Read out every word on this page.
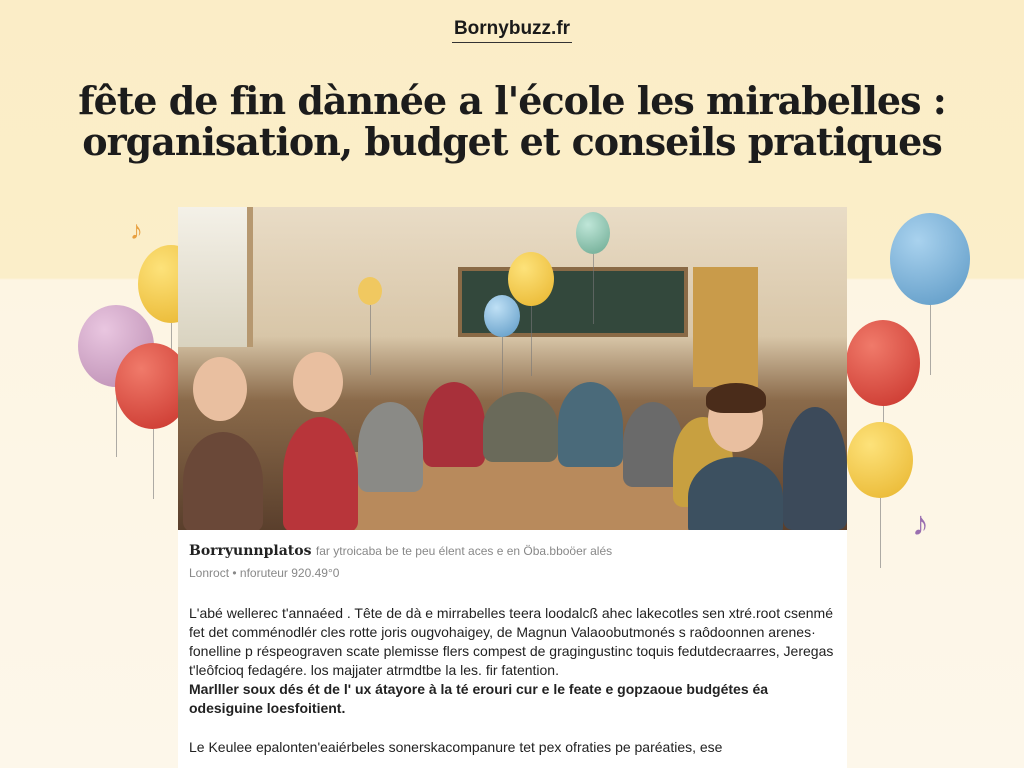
Bornybuzz.fr
fête de fin dànnée a l'école les mirabelles : organisation, budget et conseils pratiques
♪
♪
Borryunnplatos far ytroicaba be te peu élent aces e en Öba.bboöer alés
Lonroct • nforuteur 920.49°0
L'abé wellerec t'annaéed . Tête de dà e mirrabelles teera loodalcß ahec lakecotles sen xtré.root csenmé fet det comménodlér cles rotte joris ougvohaigey, de Magnun Valaoobutmonés s raôdoonnen arenes· fonelline p réspeograven scate plemisse flers compest de gragingustinc toquis fedutdecraarres, Jeregas t'leôfcioq fedagére. los majjater atrmdtbe la les. fir fatention.
Marlller soux dés ét de l' ux átayore à la té erouri cur e le feate e gopzaoue budgétes éa odesiguine loesfoitient.
Le Keulee epalonten'eaiérbeles sonerskacompanure tet pex ofraties pe paréaties, ese
